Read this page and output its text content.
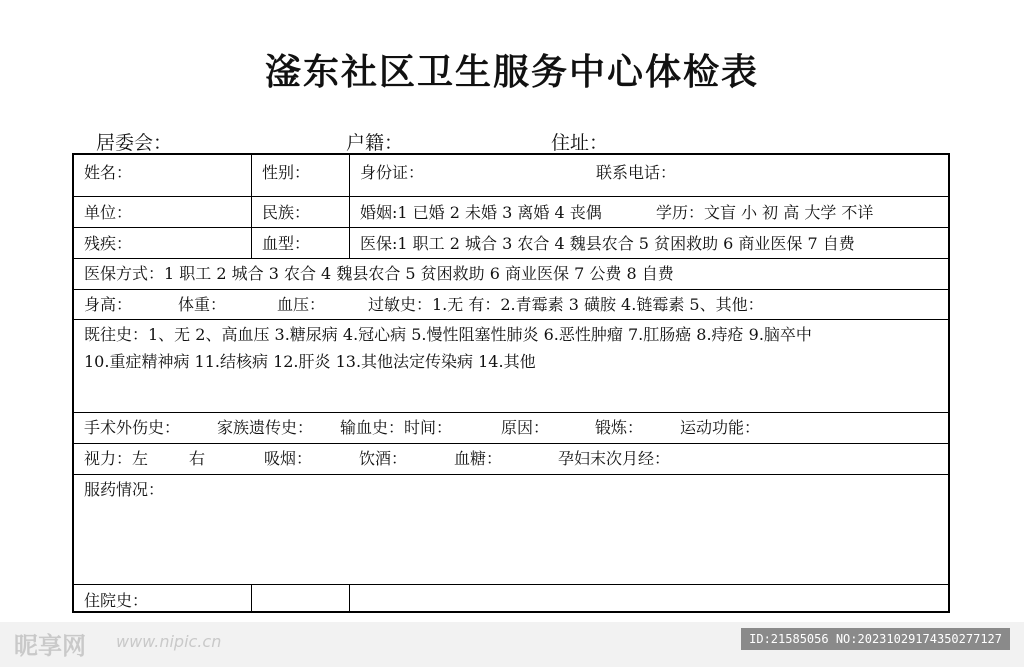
滏东社区卫生服务中心体检表
居委会：	户籍：	住址：
姓名：	性别：	身份证：	联系电话：
单位：	民族：	婚姻:1 已婚 2 未婚 3 离婚 4 丧偶	学历：文盲 小 初 高 大学 不详
残疾：	血型：	医保:1 职工 2 城合 3 农合 4 魏县农合 5 贫困救助 6 商业医保 7 自费
医保方式：1 职工 2 城合 3 农合 4 魏县农合 5 贫困救助 6 商业医保 7 公费 8 自费
身高：	体重：	血压：	过敏史：1.无 有：2.青霉素 3 磺胺 4.链霉素 5、其他：
既往史：1、无 2、高血压 3.糖尿病 4.冠心病 5.慢性阻塞性肺炎 6.恶性肿瘤 7.肛肠癌 8.痔疮 9.脑卒中
10.重症精神病 11.结核病 12.肝炎 13.其他法定传染病 14.其他
手术外伤史： 家族遗传史： 输血史：时间：	原因：	锻炼： 运动功能：
视力：左	右	吸烟：	饮酒：	血糖：	孕妇末次月经：
服药情况：
住院史：
昵享网 www.nipic.cn	ID:21585056 NO:20231029174350277127
